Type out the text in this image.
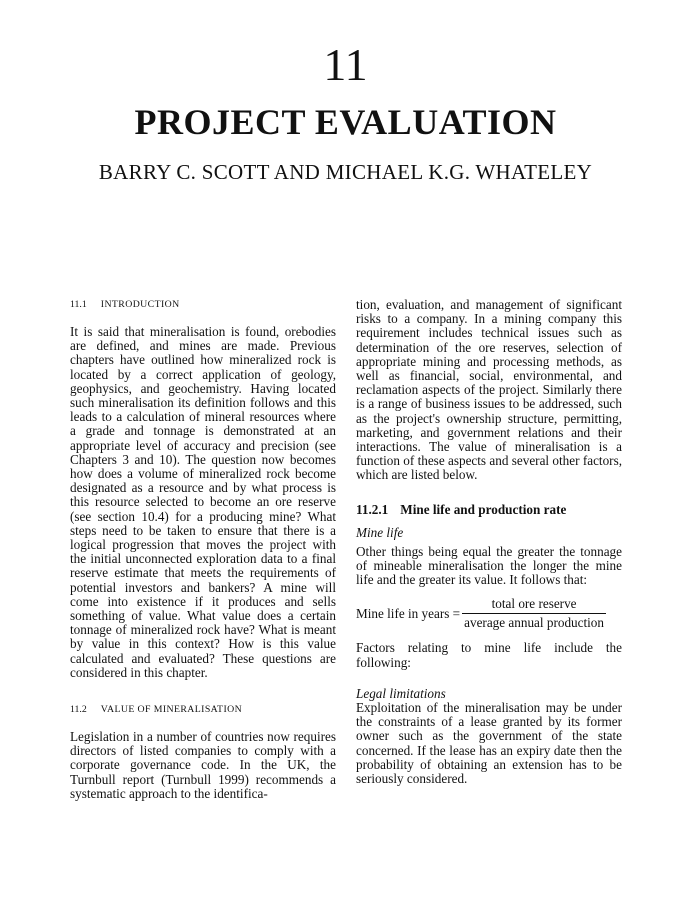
11
PROJECT EVALUATION
BARRY C. SCOTT AND MICHAEL K.G. WHATELEY
11.1 INTRODUCTION

It is said that mineralisation is found, orebodies are defined, and mines are made. Previous chapters have outlined how mineralized rock is located by a correct application of geology, geophysics, and geochemistry. Having located such mineralisation its definition follows and this leads to a calculation of mineral resources where a grade and tonnage is demonstrated at an appropriate level of accuracy and precision (see Chapters 3 and 10). The question now becomes how does a volume of mineralized rock become designated as a resource and by what process is this resource selected to become an ore reserve (see section 10.4) for a producing mine? What steps need to be taken to ensure that there is a logical progression that moves the project with the initial unconnected exploration data to a final reserve estimate that meets the requirements of potential investors and bankers? A mine will come into existence if it produces and sells something of value. What value does a certain tonnage of mineralized rock have? What is meant by value in this context? How is this value calculated and evaluated? These questions are considered in this chapter.

11.2 VALUE OF MINERALISATION

Legislation in a number of countries now requires directors of listed companies to comply with a corporate governance code. In the UK, the Turnbull report (Turnbull 1999) recommends a systematic approach to the identifica-

tion, evaluation, and management of significant risks to a company. In a mining company this requirement includes technical issues such as determination of the ore reserves, selection of appropriate mining and processing methods, as well as financial, social, environmental, and reclamation aspects of the project. Similarly there is a range of business issues to be addressed, such as the project's ownership structure, permitting, marketing, and government relations and their interactions. The value of mineralisation is a function of these aspects and several other factors, which are listed below.

11.2.1 Mine life and production rate
Mine life

Other things being equal the greater the tonnage of mineable mineralisation the longer the mine life and the greater its value. It follows that:

Mine life in years = $\frac{\text{total ore reserve}}{\text{average annual production}}$

Factors relating to mine life include the following:

Legal limitations

Exploitation of the mineralisation may be under the constraints of a lease granted by its former owner such as the government of the state concerned. If the lease has an expiry date then the probability of obtaining an extension has to be seriously considered.
